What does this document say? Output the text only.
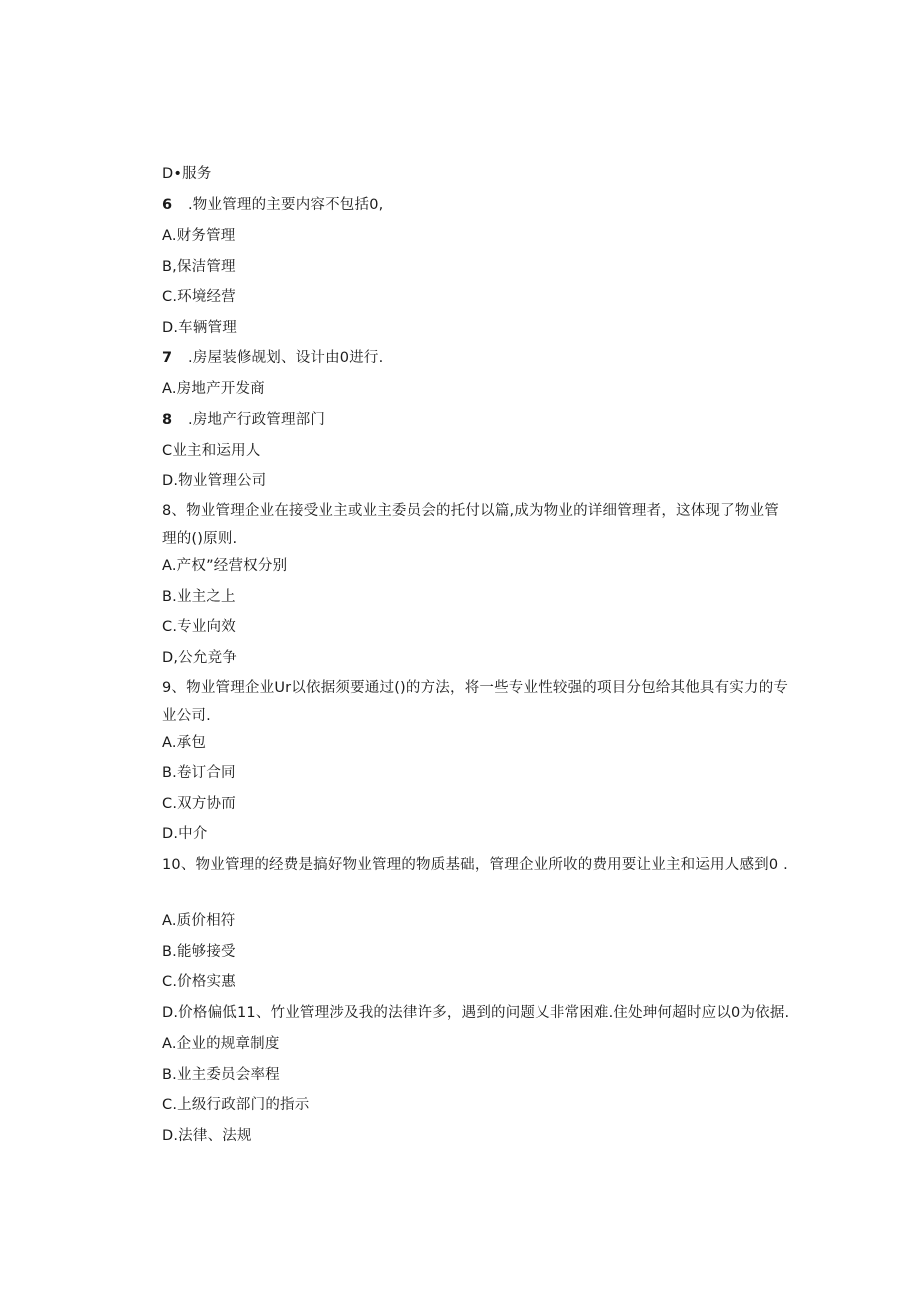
D•服务
6 .物业管理的主要内容不包括0,
A.财务管理
B,保洁管理
C.环境经营
D.车辆管理
7 .房屋装修觇划、设计由0进行.
A.房地产开发商
8 .房地产行政管理部门
C业主和运用人
D.物业管理公司
8、物业管理企业在接受业主或业主委员会的托付以篇,成为物业的详细管理者，这体现了物业管理的()原则.
A.产权”经营权分别
B.业主之上
C.专业向效
D,公允竞争
9、物业管理企业Ur以依据须要通过()的方法，将一些专业性较强的项目分包给其他具有实力的专业公司.
A.承包
B.卷订合同
C.双方协而
D.中介
10、物业管理的经费是搞好物业管理的物质基础，管理企业所收的费用要让业主和运用人感到0 .
A.质价相符
B.能够接受
C.价格实惠
D.价格偏低11、竹业管理涉及我的法律许多，遇到的问题乂非常困难.住处珅何超时应以0为依据.
A.企业的规章制度
B.业主委员会率程
C.上级行政部门的指示
D.法律、法规
